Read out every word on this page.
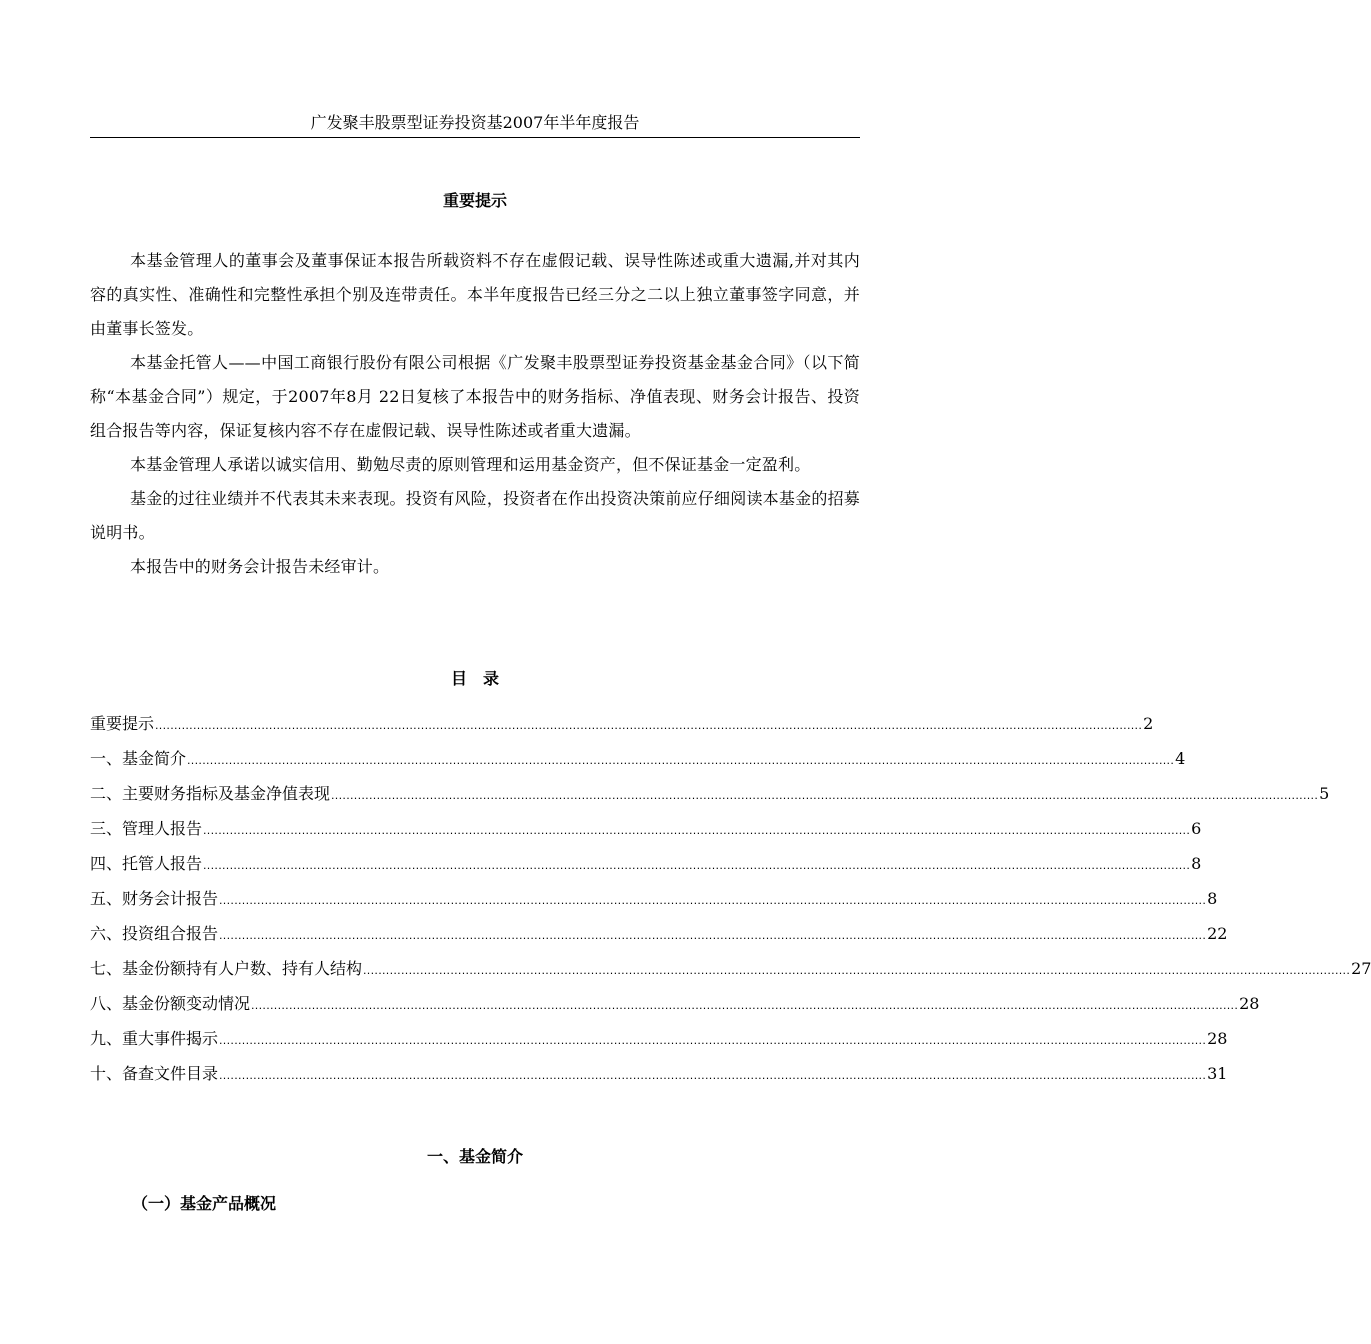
广发聚丰股票型证券投资基2007年半年度报告
重要提示

本基金管理人的董事会及董事保证本报告所载资料不存在虚假记载、误导性陈述或重大遗漏,并对其内容的真实性、准确性和完整性承担个别及连带责任。本半年度报告已经三分之二以上独立董事签字同意，并由董事长签发。

本基金托管人——中国工商银行股份有限公司根据《广发聚丰股票型证券投资基金基金合同》（以下简称“本基金合同”）规定，于2007年8月 22日复核了本报告中的财务指标、净值表现、财务会计报告、投资组合报告等内容，保证复核内容不存在虚假记载、误导性陈述或者重大遗漏。

本基金管理人承诺以诚实信用、勤勉尽责的原则管理和运用基金资产，但不保证基金一定盈利。

基金的过往业绩并不代表其未来表现。投资有风险，投资者在作出投资决策前应仔细阅读本基金的招募说明书。

本报告中的财务会计报告未经审计。

目　录
重要提示 .................................................................................................................................................................................................................................................................... 2
一、基金简介 .................................................................................................................................................................................................................................................................... 4
二、主要财务指标及基金净值表现 .................................................................................................................................................................................................................................................................... 5
三、管理人报告 .................................................................................................................................................................................................................................................................... 6
四、托管人报告 .................................................................................................................................................................................................................................................................... 8
五、财务会计报告 .................................................................................................................................................................................................................................................................... 8
六、投资组合报告 .................................................................................................................................................................................................................................................................... 22
七、基金份额持有人户数、持有人结构 .................................................................................................................................................................................................................................................................... 27
八、基金份额变动情况 .................................................................................................................................................................................................................................................................... 28
九、重大事件揭示 .................................................................................................................................................................................................................................................................... 28
十、备查文件目录 .................................................................................................................................................................................................................................................................... 31
一、基金简介
（一）基金产品概况
